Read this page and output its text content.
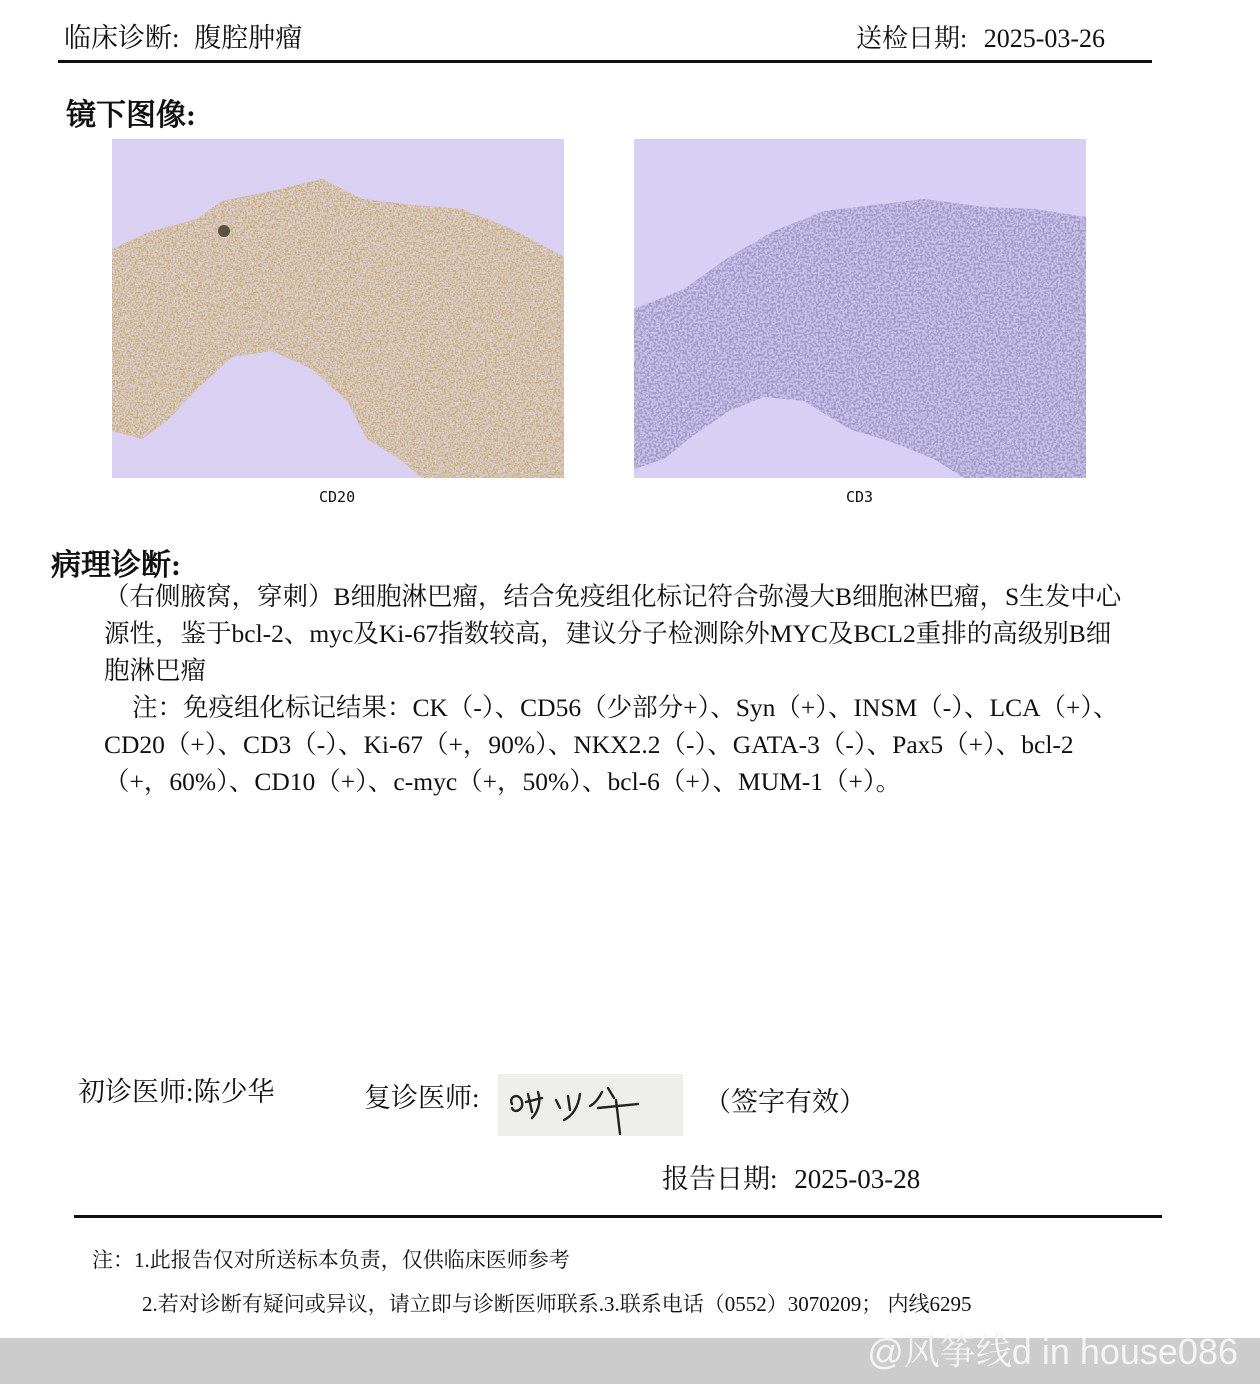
临床诊断: 腹腔肿瘤	送检日期: 2025-03-26
镜下图像:
CD20	CD3
病理诊断:

（右侧腋窝，穿刺）B细胞淋巴瘤，结合免疫组化标记符合弥漫大B细胞淋巴瘤，S生发中心源性，鉴于bcl-2、myc及Ki-67指数较高，建议分子检测除外MYC及BCL2重排的高级别B细胞淋巴瘤

注：免疫组化标记结果：CK（-）、CD56（少部分+）、Syn（+）、INSM（-）、LCA（+）、CD20（+）、CD3（-）、Ki-67（+，90%）、NKX2.2（-）、GATA-3（-）、Pax5（+）、bcl-2（+，60%）、CD10（+）、c-myc（+，50%）、bcl-6（+）、MUM-1（+）。

初诊医师:陈少华	复诊医师:	（签字有效）
报告日期: 2025-03-28
注：1.此报告仅对所送标本负责，仅供临床医师参考
2.若对诊断有疑问或异议，请立即与诊断医师联系.3.联系电话（0552）3070209； 内线6295
@风筝线d in house086
